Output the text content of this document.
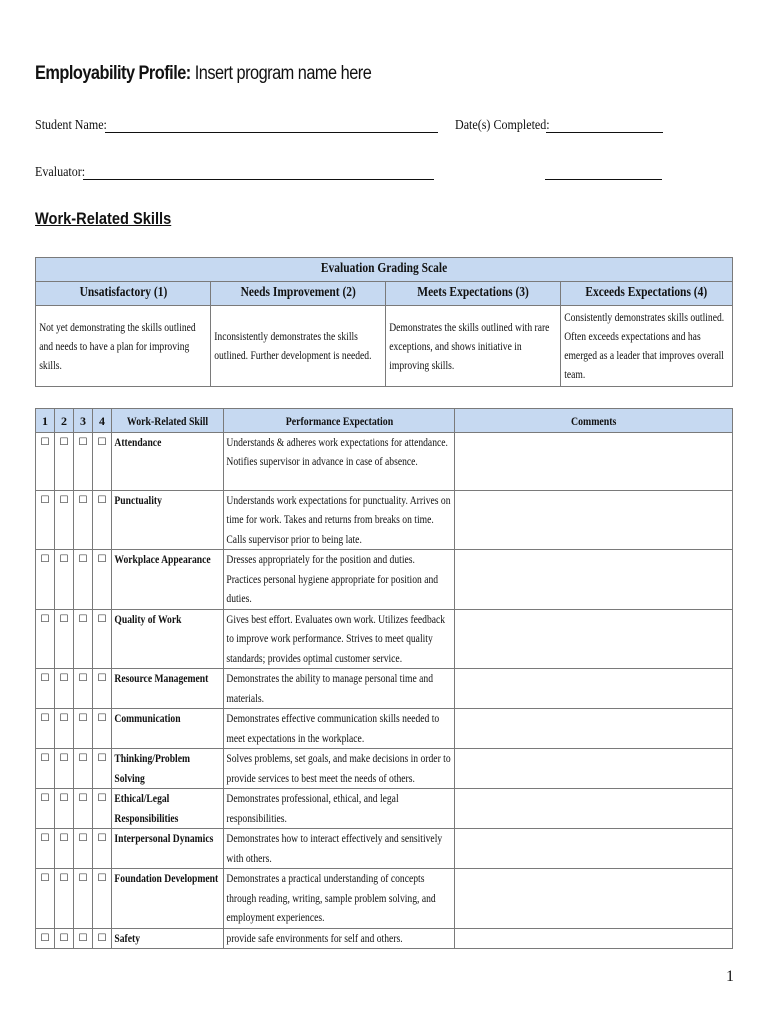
Employability Profile: Insert program name here
Student Name:	Date(s) Completed:
Evaluator:
Work-Related Skills
Evaluation Grading Scale			
Unsatisfactory (1)	Needs Improvement (2)	Meets Expectations (3)	Exceeds Expectations (4)

Not yet demonstrating the skills outlined and needs to have a plan for improving skills.	Inconsistently demonstrates the skills outlined. Further development is needed.	Demonstrates the skills outlined with rare exceptions, and shows initiative in improving skills.	Consistently demonstrates skills outlined. Often exceeds expectations and has emerged as a leader that improves overall team.
1	2	3	4	Work-Related Skill	Performance Expectation	Comments
☐	☐	☐	☐	Attendance	Understands & adheres work expectations for attendance. Notifies supervisor in advance in case of absence.	

☐	☐	☐	☐	Punctuality	Understands work expectations for punctuality. Arrives on time for work. Takes and returns from breaks on time. Calls supervisor prior to being late.	

☐	☐	☐	☐	Workplace Appearance	Dresses appropriately for the position and duties. Practices personal hygiene appropriate for position and duties.	

☐	☐	☐	☐	Quality of Work	Gives best effort. Evaluates own work. Utilizes feedback to improve work performance. Strives to meet quality standards; provides optimal customer service.	

☐	☐	☐	☐	Resource Management	Demonstrates the ability to manage personal time and materials.	

☐	☐	☐	☐	Communication	Demonstrates effective communication skills needed to meet expectations in the workplace.	

☐	☐	☐	☐	Thinking/Problem Solving	Solves problems, set goals, and make decisions in order to provide services to best meet the needs of others.	

☐	☐	☐	☐	Ethical/Legal Responsibilities	Demonstrates professional, ethical, and legal responsibilities.	

☐	☐	☐	☐	Interpersonal Dynamics	Demonstrates how to interact effectively and sensitively with others.	

☐	☐	☐	☐	Foundation Development	Demonstrates a practical understanding of concepts through reading, writing, sample problem solving, and employment experiences.	

☐	☐	☐	☐	Safety	provide safe environments for self and others.	

1
